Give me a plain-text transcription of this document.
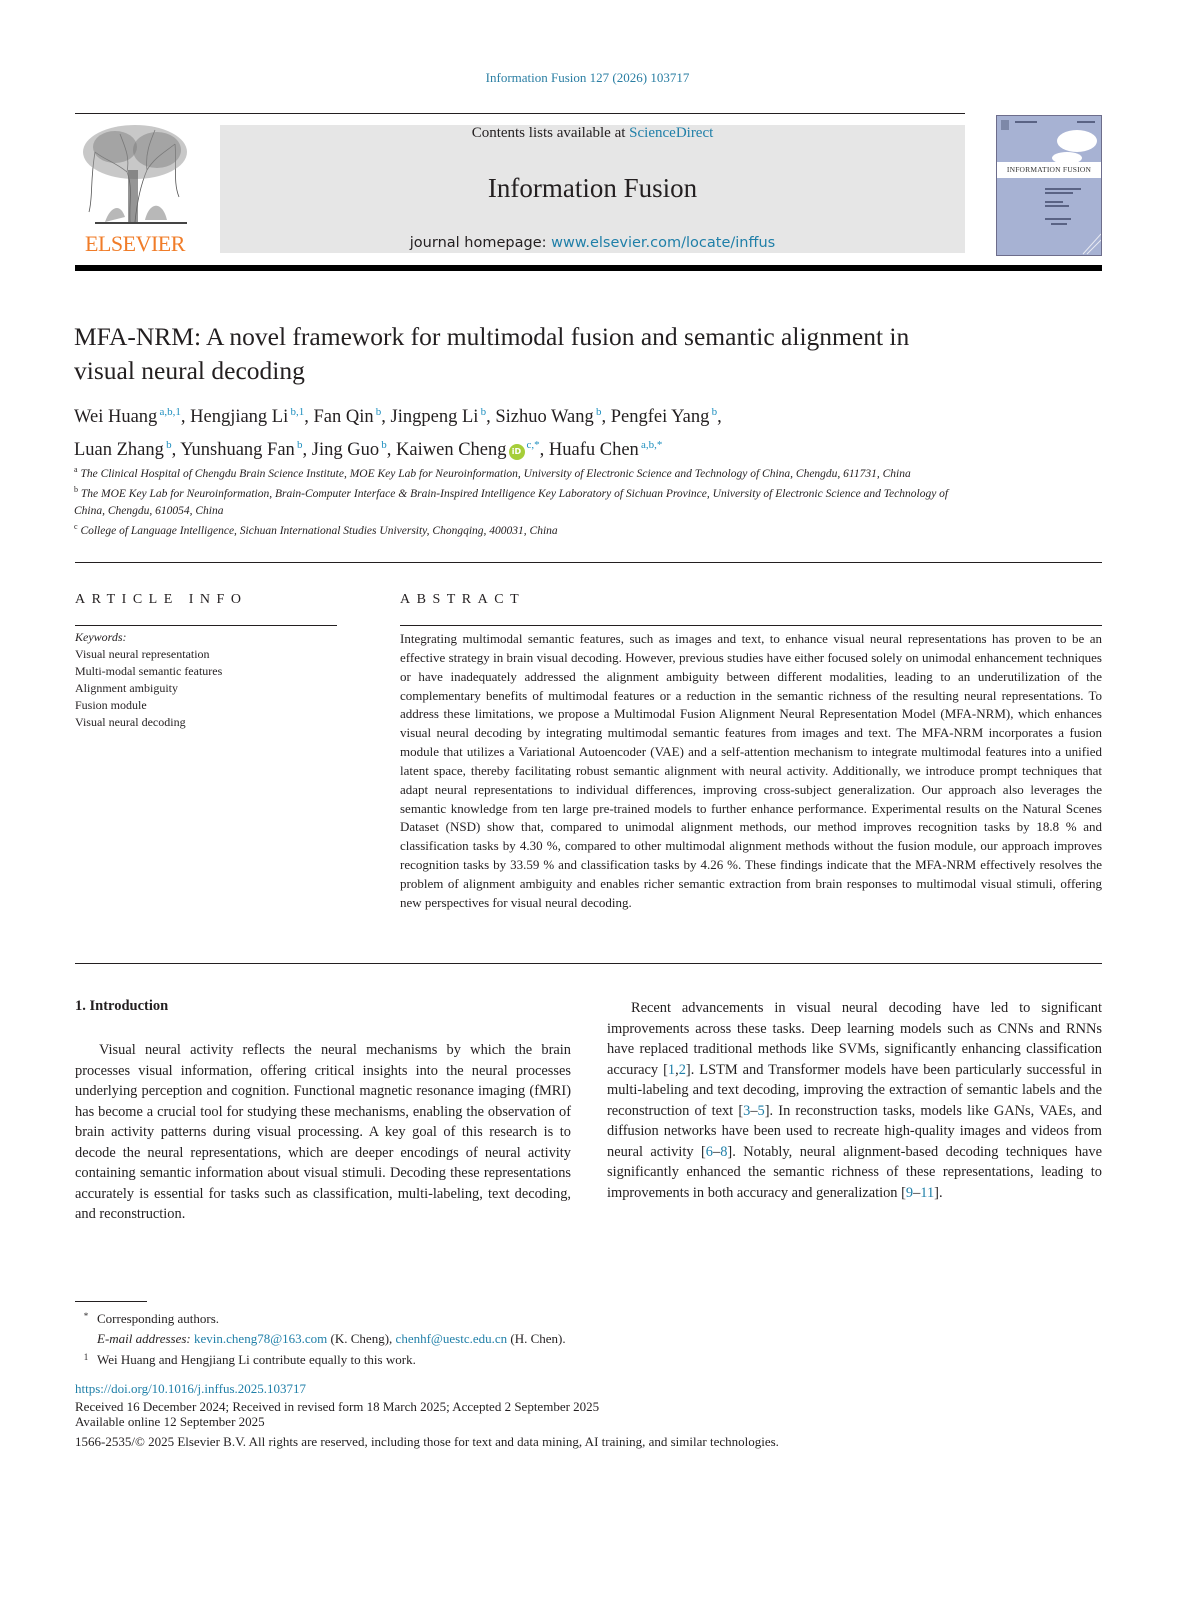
Information Fusion 127 (2026) 103717
ELSEVIER
Contents lists available at ScienceDirect
Information Fusion
journal homepage: www.elsevier.com/locate/inffus
INFORMATION FUSION
MFA-NRM: A novel framework for multimodal fusion and semantic alignment in visual neural decoding
Wei Huang $^{a,b,1}$, Hengjiang Li $^{b,1}$, Fan Qin $^b$, Jingpeng Li $^b$, Sizhuo Wang $^b$, Pengfei Yang $^b$,
Luan Zhang $^b$, Yunshuang Fan $^b$, Jing Guo $^b$, Kaiwen Cheng $iD^{c,*}$, Huafu Chen $^{a,b,*}$
$^a$ The Clinical Hospital of Chengdu Brain Science Institute, MOE Key Lab for Neuroinformation, University of Electronic Science and Technology of China, Chengdu, 611731, China
$^b$ The MOE Key Lab for Neuroinformation, Brain-Computer Interface & Brain-Inspired Intelligence Key Laboratory of Sichuan Province, University of Electronic Science and Technology of China, Chengdu, 610054, China
$^c$ College of Language Intelligence, Sichuan International Studies University, Chongqing, 400031, China
ARTICLE INFO	ABSTRACT
Keywords:
Visual neural representation
Multi-modal semantic features
Alignment ambiguity
Fusion module
Visual neural decoding
Integrating multimodal semantic features, such as images and text, to enhance visual neural representations has proven to be an effective strategy in brain visual decoding. However, previous studies have either focused solely on unimodal enhancement techniques or have inadequately addressed the alignment ambiguity between different modalities, leading to an underutilization of the complementary benefits of multimodal features or a reduction in the semantic richness of the resulting neural representations. To address these limitations, we propose a Multimodal Fusion Alignment Neural Representation Model (MFA-NRM), which enhances visual neural decoding by integrating multimodal semantic features from images and text. The MFA-NRM incorporates a fusion module that utilizes a Variational Autoencoder (VAE) and a self-attention mechanism to integrate multimodal features into a unified latent space, thereby facilitating robust semantic alignment with neural activity. Additionally, we introduce prompt techniques that adapt neural representations to individual differences, improving cross-subject generalization. Our approach also leverages the semantic knowledge from ten large pre-trained models to further enhance performance. Experimental results on the Natural Scenes Dataset (NSD) show that, compared to unimodal alignment methods, our method improves recognition tasks by 18.8 % and classification tasks by 4.30 %, compared to other multimodal alignment methods without the fusion module, our approach improves recognition tasks by 33.59 % and classification tasks by 4.26 %. These findings indicate that the MFA-NRM effectively resolves the problem of alignment ambiguity and enables richer semantic extraction from brain responses to multimodal visual stimuli, offering new perspectives for visual neural decoding.
1. Introduction
Visual neural activity reflects the neural mechanisms by which the brain processes visual information, offering critical insights into the neural processes underlying perception and cognition. Functional magnetic resonance imaging (fMRI) has become a crucial tool for studying these mechanisms, enabling the observation of brain activity patterns during visual processing. A key goal of this research is to decode the neural representations, which are deeper encodings of neural activity containing semantic information about visual stimuli. Decoding these representations accurately is essential for tasks such as classification, multi-labeling, text decoding, and reconstruction.
Recent advancements in visual neural decoding have led to significant improvements across these tasks. Deep learning models such as CNNs and RNNs have replaced traditional methods like SVMs, significantly enhancing classification accuracy [1,2]. LSTM and Transformer models have been particularly successful in multi-labeling and text decoding, improving the extraction of semantic labels and the reconstruction of text [3–5]. In reconstruction tasks, models like GANs, VAEs, and diffusion networks have been used to recreate high-quality images and videos from neural activity [6–8]. Notably, neural alignment-based decoding techniques have significantly enhanced the semantic richness of these representations, leading to improvements in both accuracy and generalization [9–11].
* Corresponding authors.
E-mail addresses: kevin.cheng78@163.com (K. Cheng), chenhf@uestc.edu.cn (H. Chen).
1 Wei Huang and Hengjiang Li contribute equally to this work.
https://doi.org/10.1016/j.inffus.2025.103717
Received 16 December 2024; Received in revised form 18 March 2025; Accepted 2 September 2025
Available online 12 September 2025
1566-2535/© 2025 Elsevier B.V. All rights are reserved, including those for text and data mining, AI training, and similar technologies.
